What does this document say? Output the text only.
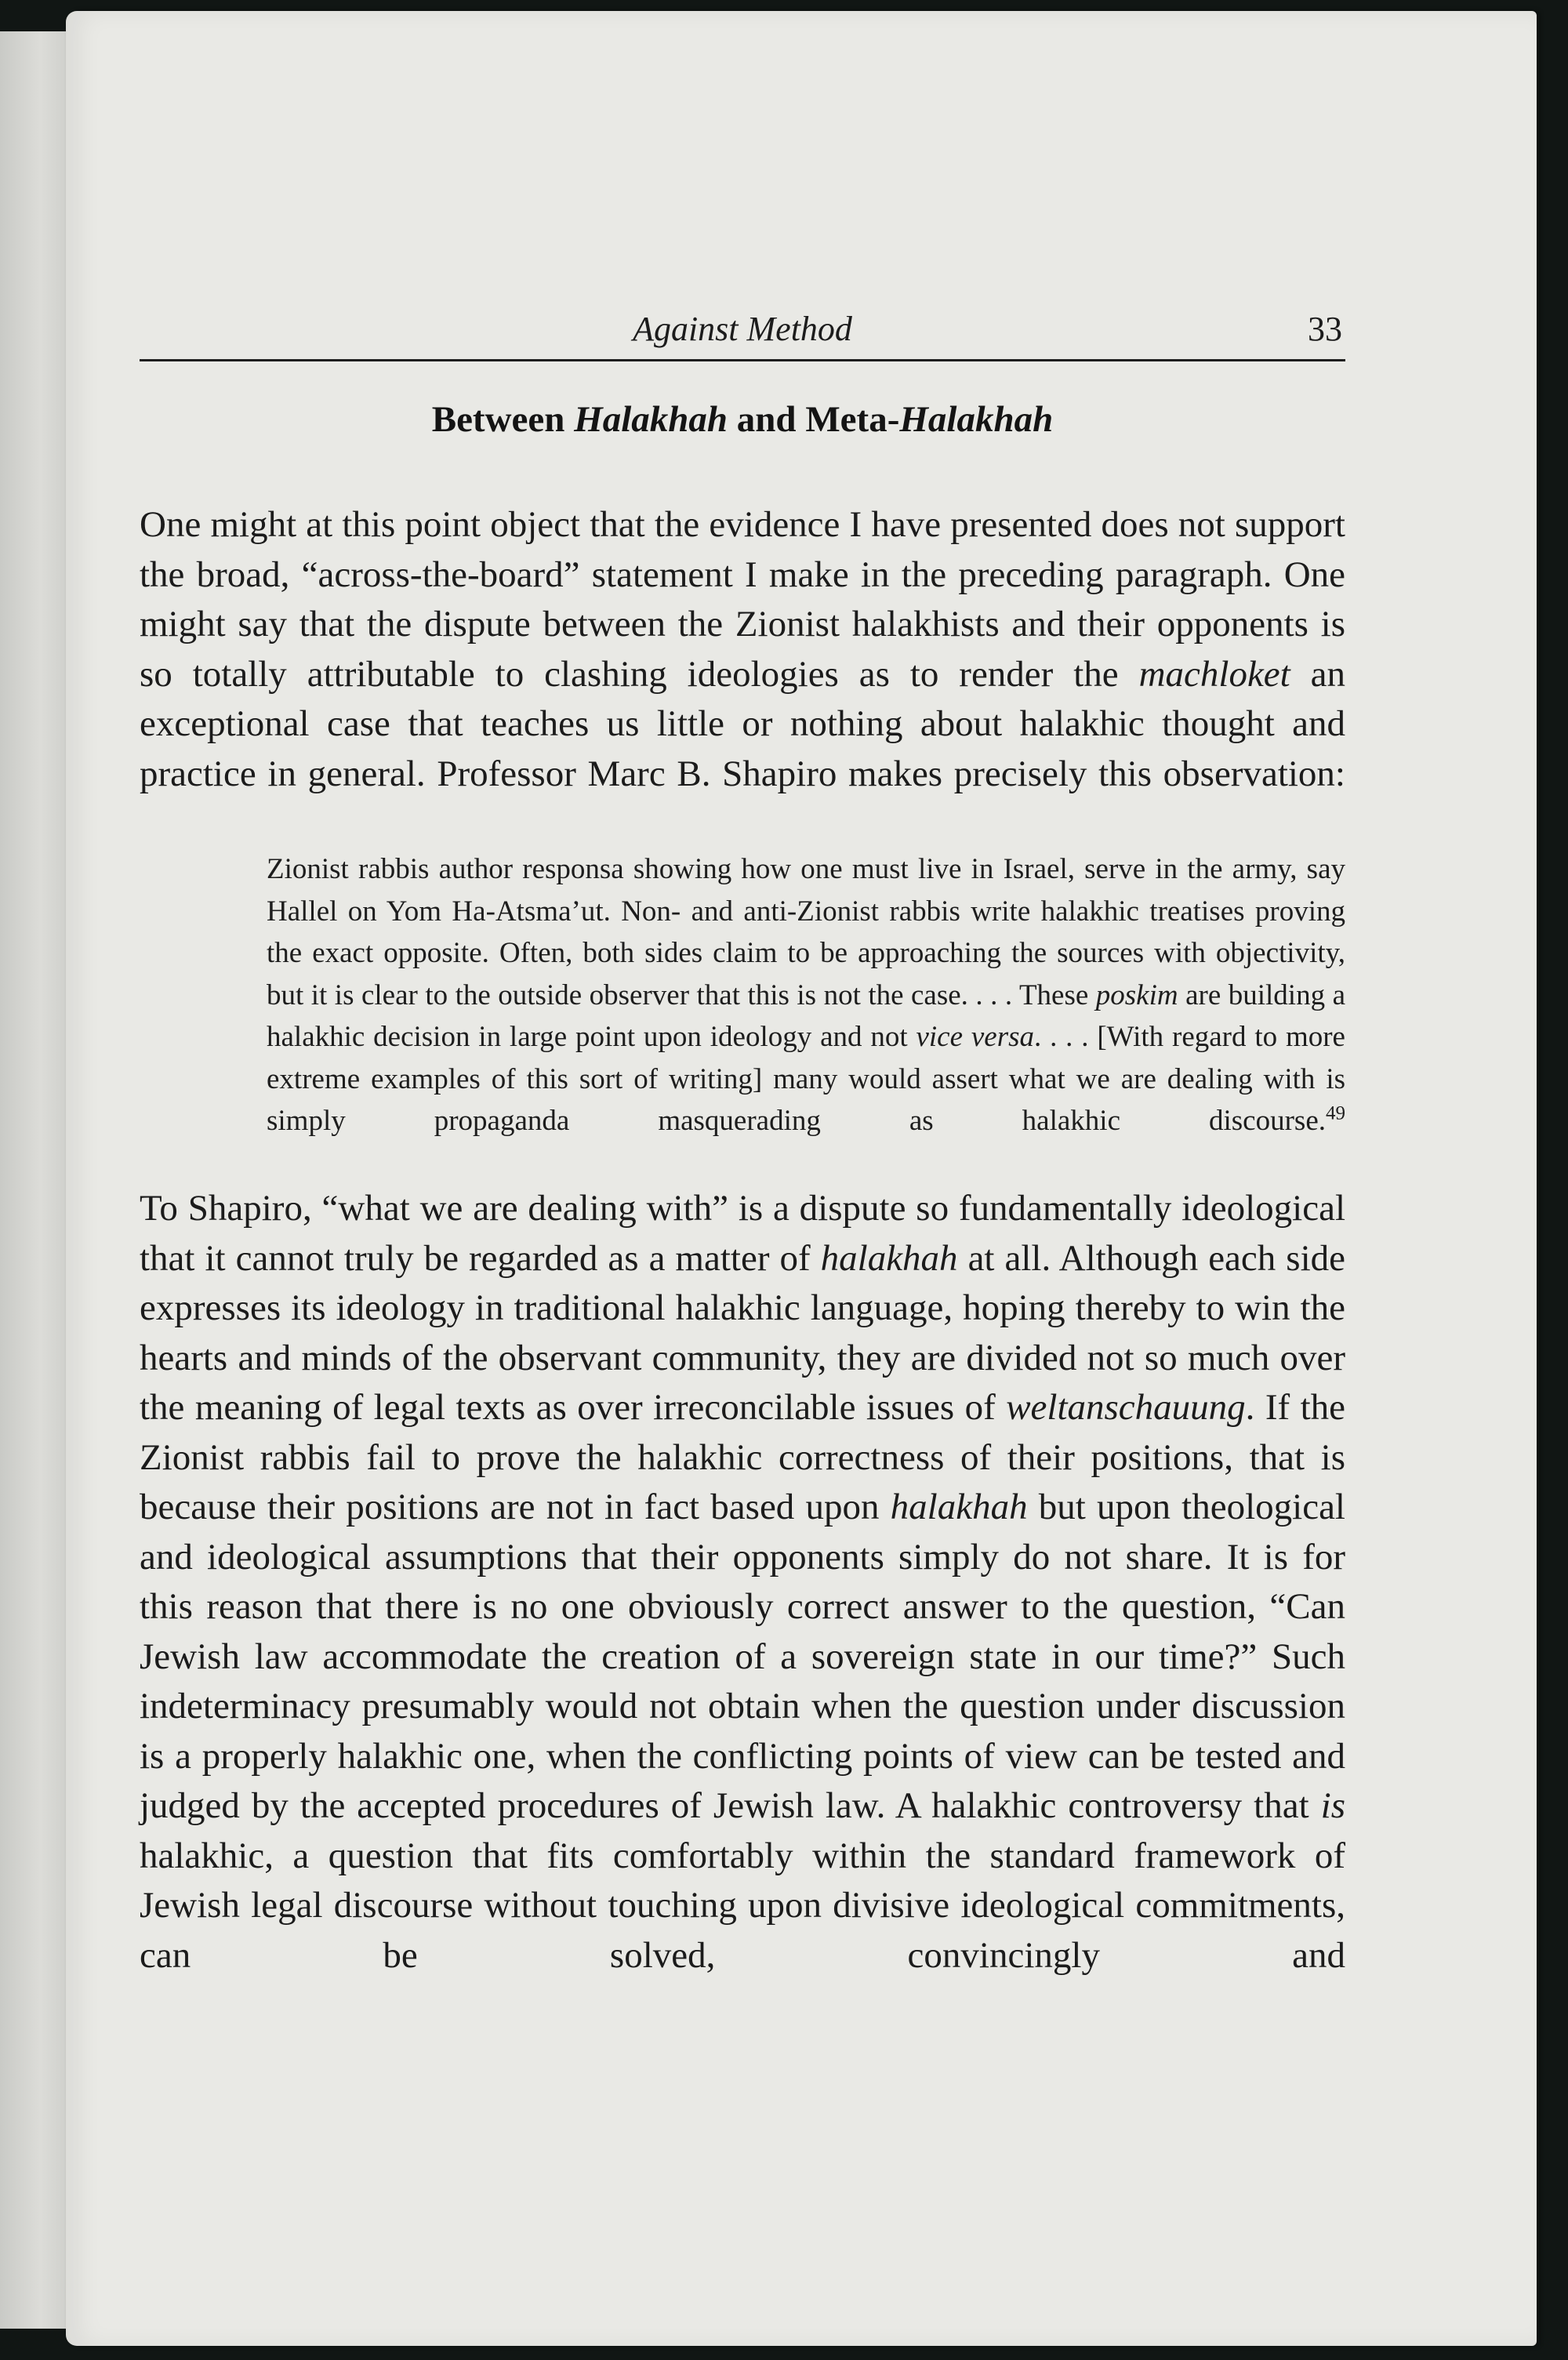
Against Method	33
Between Halakhah and Meta-Halakhah

One might at this point object that the evidence I have presented does not support the broad, “across-the-board” statement I make in the preceding paragraph. One might say that the dispute between the Zionist halakhists and their opponents is so totally attributable to clashing ideologies as to render the machloket an exceptional case that teaches us little or nothing about halakhic thought and practice in general. Professor Marc B. Shapiro makes precisely this observation:

Zionist rabbis author responsa showing how one must live in Israel, serve in the army, say Hallel on Yom Ha-Atsma’ut. Non- and anti-Zionist rabbis write halakhic treatises proving the exact opposite. Often, both sides claim to be approaching the sources with objectivity, but it is clear to the outside observer that this is not the case. . . . These poskim are building a halakhic decision in large point upon ideology and not vice versa. . . . [With regard to more extreme examples of this sort of writing] many would assert what we are dealing with is simply propaganda masquerading as halakhic discourse.$^{49}$

To Shapiro, “what we are dealing with” is a dispute so fundamentally ideological that it cannot truly be regarded as a matter of halakhah at all. Although each side expresses its ideology in traditional halakhic language, hoping thereby to win the hearts and minds of the observant community, they are divided not so much over the meaning of legal texts as over irreconcilable issues of weltanschauung. If the Zionist rabbis fail to prove the halakhic correctness of their positions, that is because their positions are not in fact based upon halakhah but upon theological and ideological assumptions that their opponents simply do not share. It is for this reason that there is no one obviously correct answer to the question, “Can Jewish law accommodate the creation of a sovereign state in our time?” Such indeterminacy presumably would not obtain when the question under discussion is a properly halakhic one, when the conflicting points of view can be tested and judged by the accepted procedures of Jewish law. A halakhic controversy that is halakhic, a question that fits comfortably within the standard framework of Jewish legal discourse without touching upon divisive ideological commitments, can be solved, convincingly and
